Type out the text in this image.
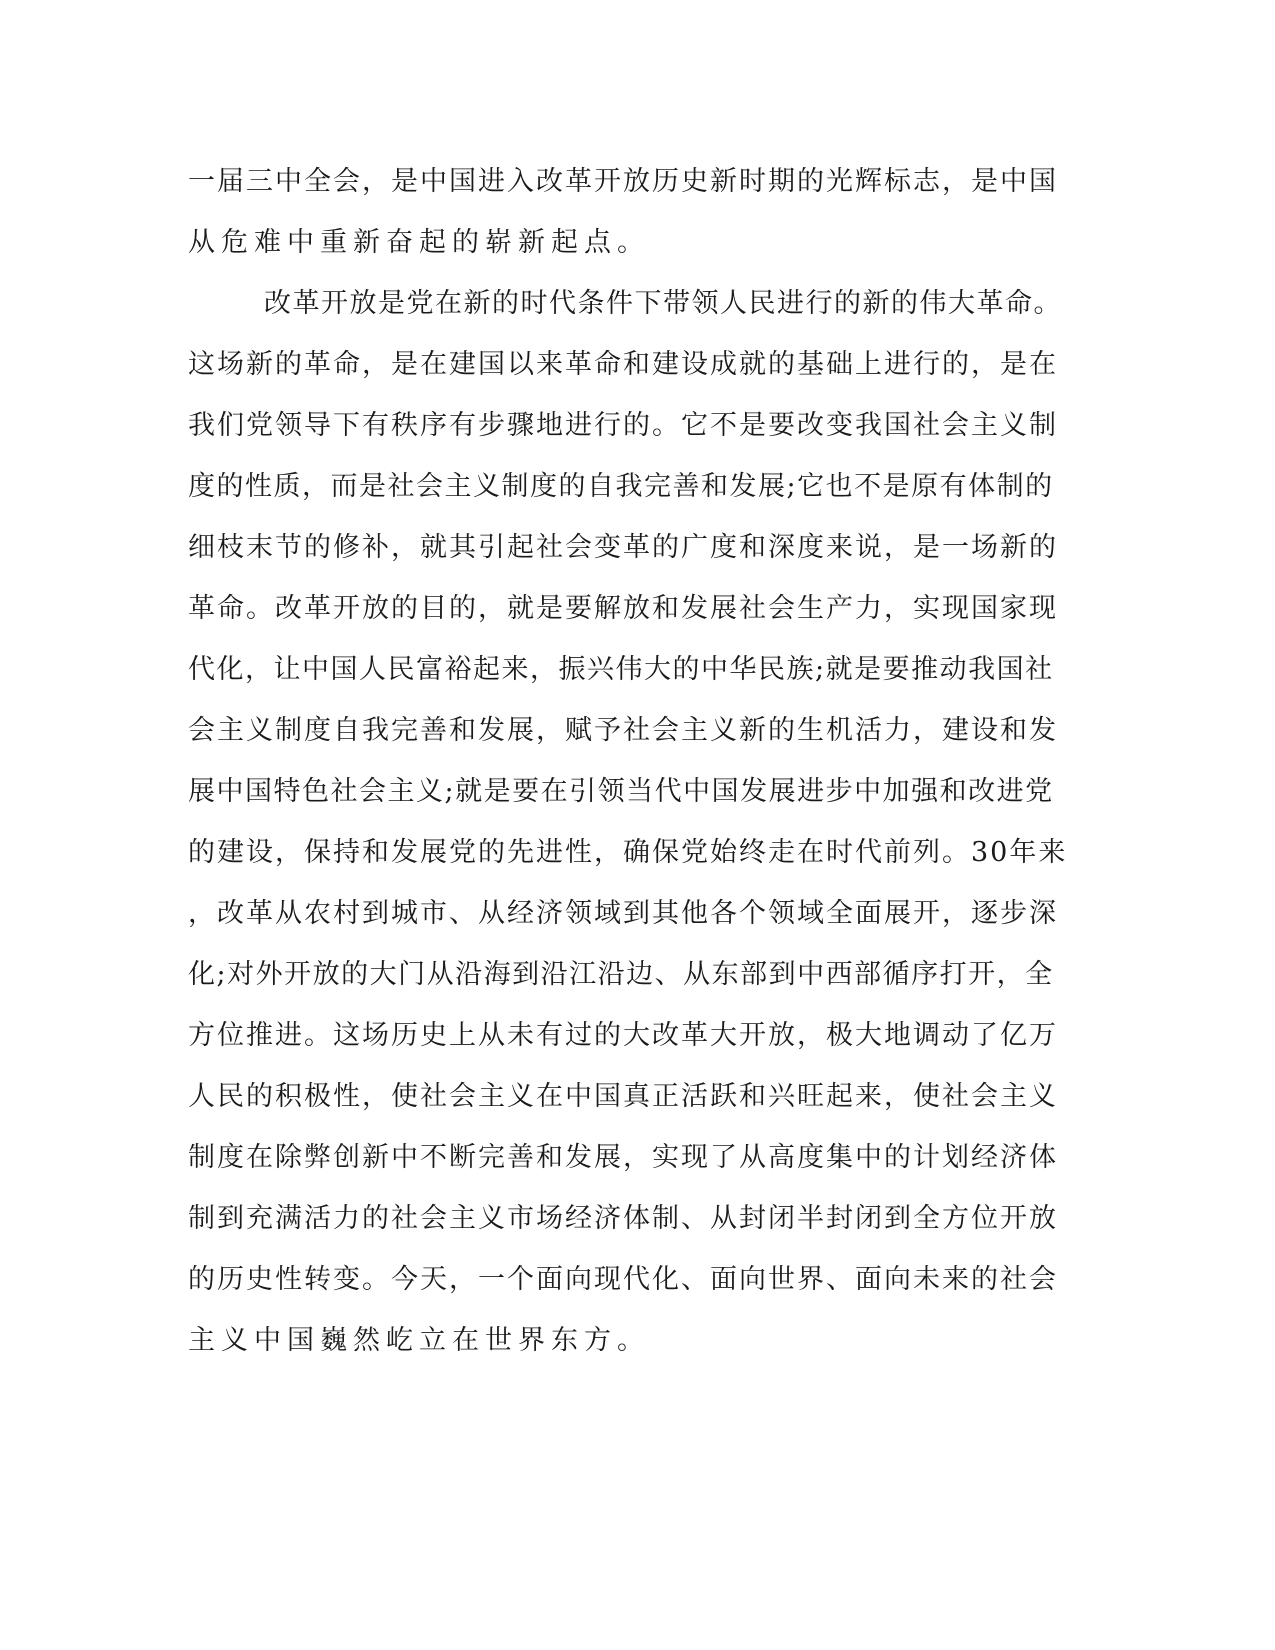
一届三中全会，是中国进入改革开放历史新时期的光辉标志，是中国
从危难中重新奋起的崭新起点。
改革开放是党在新的时代条件下带领人民进行的新的伟大革命。
这场新的革命，是在建国以来革命和建设成就的基础上进行的，是在
我们党领导下有秩序有步骤地进行的。它不是要改变我国社会主义制
度的性质，而是社会主义制度的自我完善和发展;它也不是原有体制的
细枝末节的修补，就其引起社会变革的广度和深度来说，是一场新的
革命。改革开放的目的，就是要解放和发展社会生产力，实现国家现
代化，让中国人民富裕起来，振兴伟大的中华民族;就是要推动我国社
会主义制度自我完善和发展，赋予社会主义新的生机活力，建设和发
展中国特色社会主义;就是要在引领当代中国发展进步中加强和改进党
的建设，保持和发展党的先进性，确保党始终走在时代前列。30年来
，改革从农村到城市、从经济领域到其他各个领域全面展开，逐步深
化;对外开放的大门从沿海到沿江沿边、从东部到中西部循序打开，全
方位推进。这场历史上从未有过的大改革大开放，极大地调动了亿万
人民的积极性，使社会主义在中国真正活跃和兴旺起来，使社会主义
制度在除弊创新中不断完善和发展，实现了从高度集中的计划经济体
制到充满活力的社会主义市场经济体制、从封闭半封闭到全方位开放
的历史性转变。今天，一个面向现代化、面向世界、面向未来的社会
主义中国巍然屹立在世界东方。
